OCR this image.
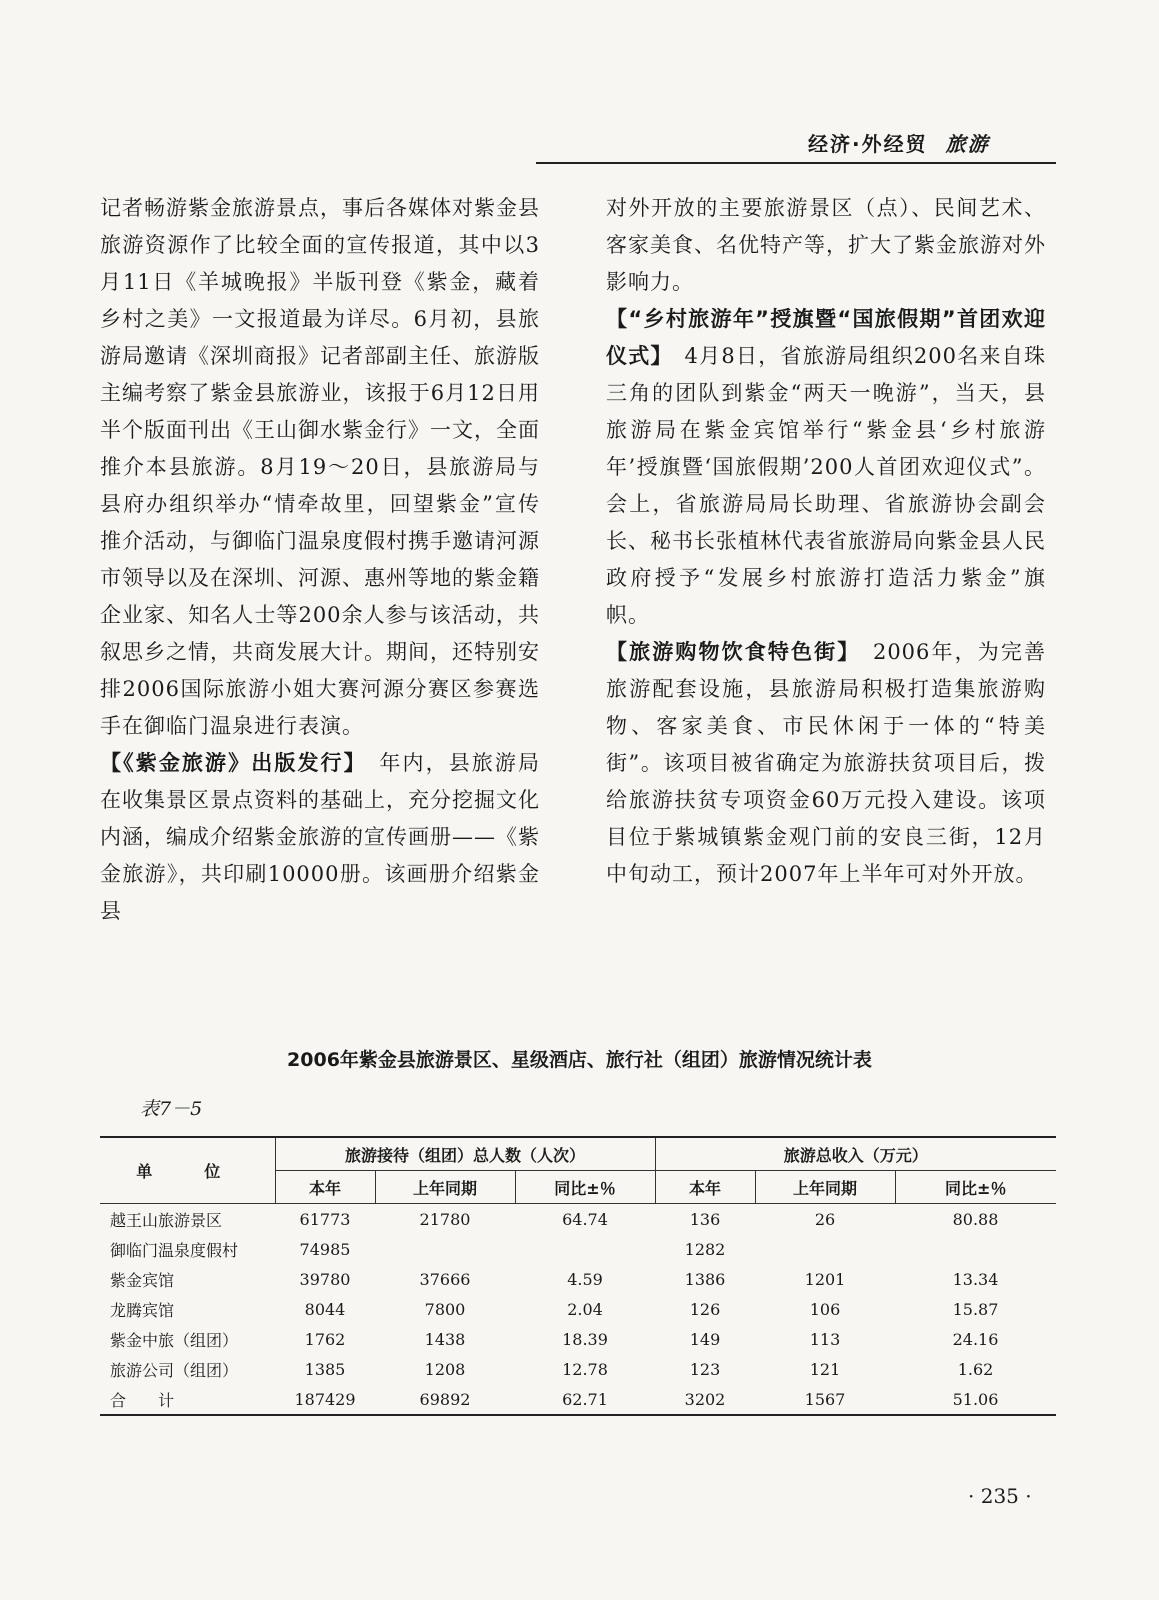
经济·外经贸 旅游

记者畅游紫金旅游景点，事后各媒体对紫金县旅游资源作了比较全面的宣传报道，其中以3月11日《羊城晚报》半版刊登《紫金，藏着乡村之美》一文报道最为详尽。6月初，县旅游局邀请《深圳商报》记者部副主任、旅游版主编考察了紫金县旅游业，该报于6月12日用半个版面刊出《王山御水紫金行》一文，全面推介本县旅游。8月19～20日，县旅游局与县府办组织举办“情牵故里，回望紫金”宣传推介活动，与御临门温泉度假村携手邀请河源市领导以及在深圳、河源、惠州等地的紫金籍企业家、知名人士等200余人参与该活动，共叙思乡之情，共商发展大计。期间，还特别安排2006国际旅游小姐大赛河源分赛区参赛选手在御临门温泉进行表演。

【《紫金旅游》出版发行】　 年内，县旅游局在收集景区景点资料的基础上，充分挖掘文化内涵，编成介绍紫金旅游的宣传画册——《紫金旅游》，共印刷10000册。该画册介绍紫金县

对外开放的主要旅游景区（点）、民间艺术、客家美食、名优特产等，扩大了紫金旅游对外影响力。

【“乡村旅游年”授旗暨“国旅假期”首团欢迎仪式】　 4月8日，省旅游局组织200名来自珠三角的团队到紫金“两天一晚游”，当天，县旅游局在紫金宾馆举行“紫金县‘乡村旅游年’授旗暨‘国旅假期’200人首团欢迎仪式”。会上，省旅游局局长助理、省旅游协会副会长、秘书长张植林代表省旅游局向紫金县人民政府授予“发展乡村旅游打造活力紫金”旗帜。

【旅游购物饮食特色街】　 2006年，为完善旅游配套设施，县旅游局积极打造集旅游购物、客家美食、市民休闲于一体的“特美街”。该项目被省确定为旅游扶贫项目后，拨给旅游扶贫专项资金60万元投入建设。该项目位于紫城镇紫金观门前的安良三街，12月中旬动工，预计2007年上半年可对外开放。

2006年紫金县旅游景区、星级酒店、旅行社（组团）旅游情况统计表
表7－5
单　位	旅游接待（组团）总人数（人次）			旅游总收入（万元）		
	本年	上年同期	同比±％	本年	上年同期	同比±％
越王山旅游景区	61773	21780	64.74	136	26	80.88
御临门温泉度假村	74985			1282		
紫金宾馆	39780	37666	4.59	1386	1201	13.34
龙腾宾馆	8044	7800	2.04	126	106	15.87
紫金中旅（组团）	1762	1438	18.39	149	113	24.16
旅游公司（组团）	1385	1208	12.78	123	121	1.62
合　　计	187429	69892	62.71	3202	1567	51.06
· 235 ·
